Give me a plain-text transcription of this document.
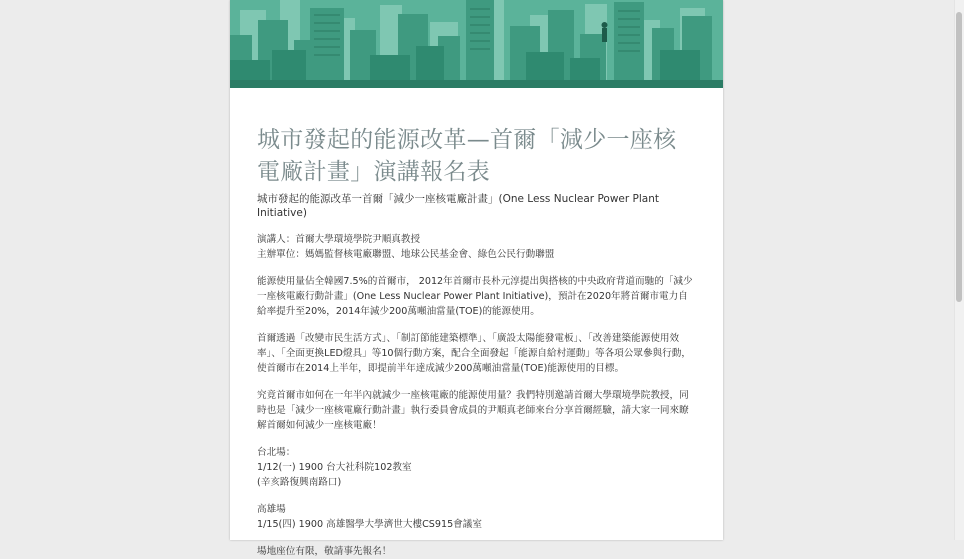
城市發起的能源改革—首爾「減少一座核電廠計畫」演講報名表

城市發起的能源改革一首爾「減少一座核電廠計畫」(One Less Nuclear Power Plant Initiative)

演講人：首爾大學環境學院尹順真教授
主辦單位：媽媽監督核電廠聯盟、地球公民基金會、綠色公民行動聯盟

能源使用量佔全韓國7.5%的首爾市， 2012年首爾市長朴元淳提出與搭核的中央政府背道而馳的「減少一座核電廠行動計畫」(One Less Nuclear Power Plant Initiative)，預計在2020年將首爾市電力自給率提升至20%，2014年減少200萬噸油當量(TOE)的能源使用。

首爾透過「改變市民生活方式」、「制訂節能建築標準」、「廣設太陽能發電板」、「改善建築能源使用效率」、「全面更換LED燈具」等10個行動方案，配合全面發起「能源自給村運動」等各項公眾參與行動，使首爾市在2014上半年，即提前半年達成減少200萬噸油當量(TOE)能源使用的目標。

究竟首爾市如何在一年半內就減少一座核電廠的能源使用量？我們特別邀請首爾大學環境學院教授，同時也是「減少一座核電廠行動計畫」執行委員會成員的尹順真老師來台分享首爾經驗，請大家一同來瞭解首爾如何減少一座核電廠！

台北場：
1/12(一) 1900 台大社科院102教室
(辛亥路復興南路口)

高雄場
1/15(四) 1900 高雄醫學大學濟世大樓CS915會議室

場地座位有限，敬請事先報名！
